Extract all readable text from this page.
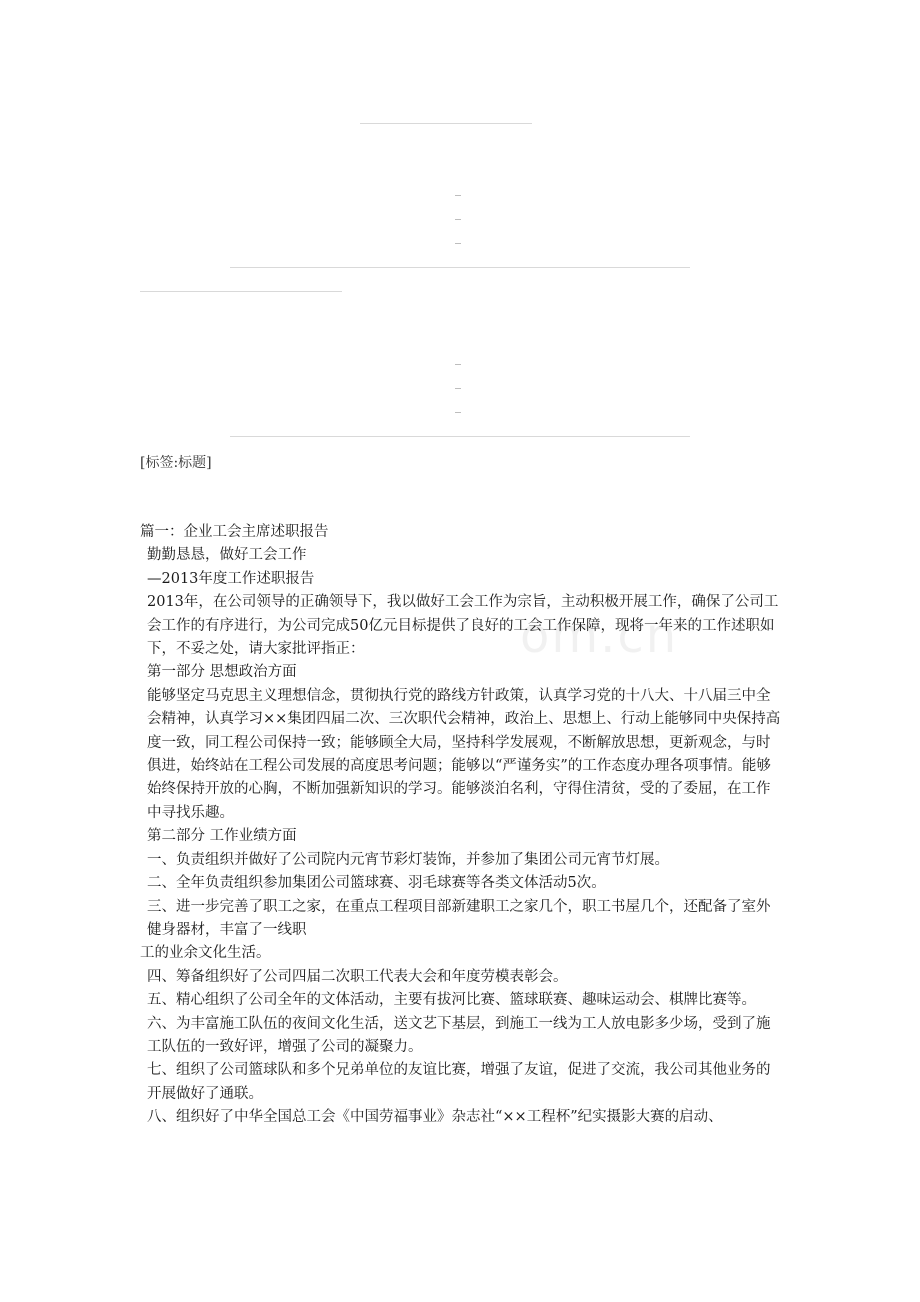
[标签:标题]
om.cn

篇一：企业工会主席述职报告

勤勤恳恳，做好工会工作

—2013年度工作述职报告

2013年，在公司领导的正确领导下，我以做好工会工作为宗旨，主动积极开展工作，确保了公司工会工作的有序进行，为公司完成50亿元目标提供了良好的工会工作保障，现将一年来的工作述职如下，不妥之处，请大家批评指正：

第一部分 思想政治方面

能够坚定马克思主义理想信念，贯彻执行党的路线方针政策，认真学习党的十八大、十八届三中全会精神，认真学习××集团四届二次、三次职代会精神，政治上、思想上、行动上能够同中央保持高度一致，同工程公司保持一致；能够顾全大局，坚持科学发展观，不断解放思想，更新观念，与时俱进，始终站在工程公司发展的高度思考问题；能够以“严谨务实”的工作态度办理各项事情。能够始终保持开放的心胸，不断加强新知识的学习。能够淡泊名利，守得住清贫，受的了委屈，在工作中寻找乐趣。

第二部分 工作业绩方面

一、负责组织并做好了公司院内元宵节彩灯装饰，并参加了集团公司元宵节灯展。

二、全年负责组织参加集团公司篮球赛、羽毛球赛等各类文体活动5次。

三、进一步完善了职工之家，在重点工程项目部新建职工之家几个，职工书屋几个，还配备了室外健身器材，丰富了一线职

工的业余文化生活。

四、筹备组织好了公司四届二次职工代表大会和年度劳模表彰会。

五、精心组织了公司全年的文体活动，主要有拔河比赛、篮球联赛、趣味运动会、棋牌比赛等。

六、为丰富施工队伍的夜间文化生活，送文艺下基层，到施工一线为工人放电影多少场，受到了施工队伍的一致好评，增强了公司的凝聚力。

七、组织了公司篮球队和多个兄弟单位的友谊比赛，增强了友谊，促进了交流，我公司其他业务的开展做好了通联。

八、组织好了中华全国总工会《中国劳福事业》杂志社“××工程杯”纪实摄影大赛的启动、
